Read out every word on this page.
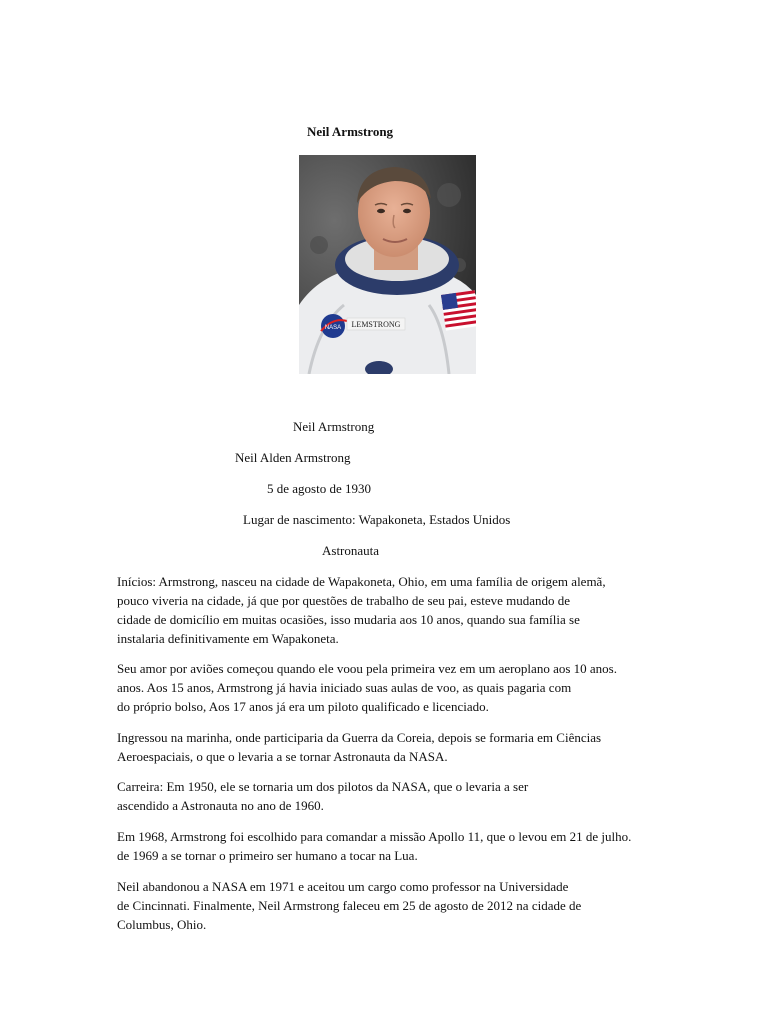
Neil Armstrong
NASA LEMSTRONG
Neil Armstrong
Neil Alden Armstrong
5 de agosto de 1930
Lugar de nascimento: Wapakoneta, Estados Unidos
Astronauta
Inícios: Armstrong, nasceu na cidade de Wapakoneta, Ohio, em uma família de origem alemã,
pouco viveria na cidade, já que por questões de trabalho de seu pai, esteve mudando de
cidade de domicílio em muitas ocasiões, isso mudaria aos 10 anos, quando sua família se
instalaria definitivamente em Wapakoneta.
Seu amor por aviões começou quando ele voou pela primeira vez em um aeroplano aos 10 anos.
anos. Aos 15 anos, Armstrong já havia iniciado suas aulas de voo, as quais pagaria com
do próprio bolso, Aos 17 anos já era um piloto qualificado e licenciado.
Ingressou na marinha, onde participaria da Guerra da Coreia, depois se formaria em Ciências
Aeroespaciais, o que o levaria a se tornar Astronauta da NASA.
Carreira: Em 1950, ele se tornaria um dos pilotos da NASA, que o levaria a ser
ascendido a Astronauta no ano de 1960.
Em 1968, Armstrong foi escolhido para comandar a missão Apollo 11, que o levou em 21 de julho.
de 1969 a se tornar o primeiro ser humano a tocar na Lua.
Neil abandonou a NASA em 1971 e aceitou um cargo como professor na Universidade
de Cincinnati. Finalmente, Neil Armstrong faleceu em 25 de agosto de 2012 na cidade de
Columbus, Ohio.
